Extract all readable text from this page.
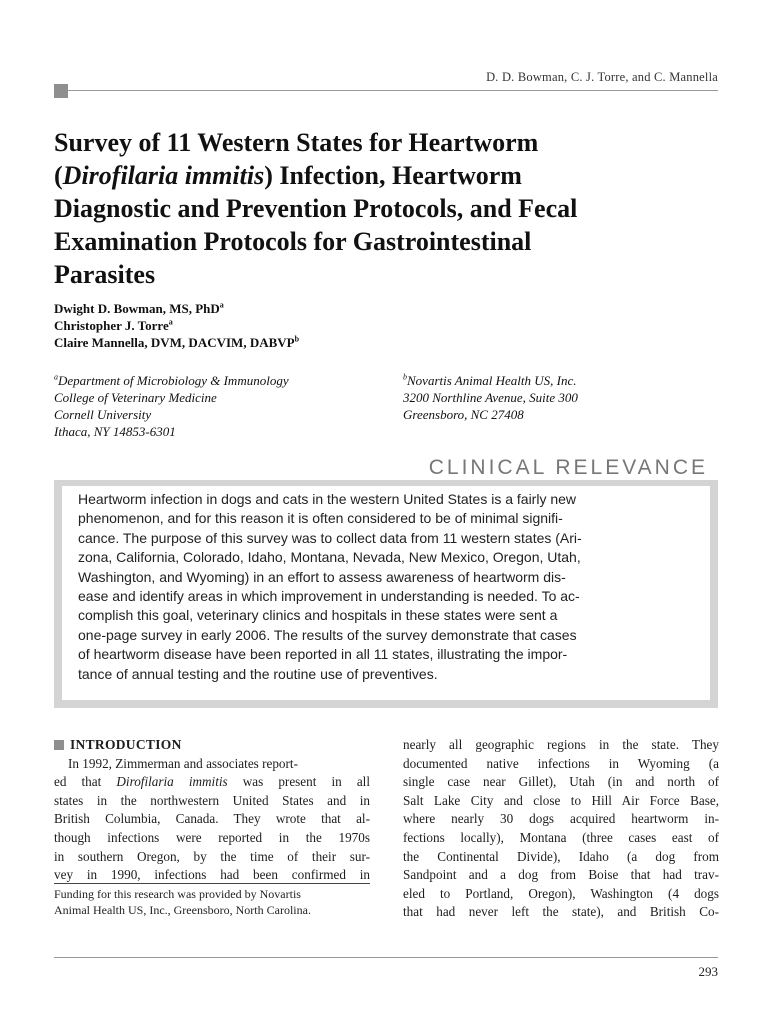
D. D. Bowman, C. J. Torre, and C. Mannella
Survey of 11 Western States for Heartworm
(Dirofilaria immitis) Infection, Heartworm
Diagnostic and Prevention Protocols, and Fecal
Examination Protocols for Gastrointestinal
Parasites
Dwight D. Bowman, MS, PhD$^a$
Christopher J. Torre$^a$
Claire Mannella, DVM, DACVIM, DABVP$^b$
$^a$Department of Microbiology & Immunology
College of Veterinary Medicine
Cornell University
Ithaca, NY 14853-6301
$^b$Novartis Animal Health US, Inc.
3200 Northline Avenue, Suite 300
Greensboro, NC 27408
CLINICAL RELEVANCE
Heartworm infection in dogs and cats in the western United States is a fairly new
phenomenon, and for this reason it is often considered to be of minimal signifi-
cance. The purpose of this survey was to collect data from 11 western states (Ari-
zona, California, Colorado, Idaho, Montana, Nevada, New Mexico, Oregon, Utah,
Washington, and Wyoming) in an effort to assess awareness of heartworm dis-
ease and identify areas in which improvement in understanding is needed. To ac-
complish this goal, veterinary clinics and hospitals in these states were sent a
one-page survey in early 2006. The results of the survey demonstrate that cases
of heartworm disease have been reported in all 11 states, illustrating the impor-
tance of annual testing and the routine use of preventives.
INTRODUCTION
In 1992, Zimmerman and associates report-
ed that Dirofilaria immitis was present in all
states in the northwestern United States and in
British Columbia, Canada. They wrote that al-
though infections were reported in the 1970s
in southern Oregon, by the time of their sur-
vey in 1990, infections had been confirmed in
nearly all geographic regions in the state. They
documented native infections in Wyoming (a
single case near Gillet), Utah (in and north of
Salt Lake City and close to Hill Air Force Base,
where nearly 30 dogs acquired heartworm in-
fections locally), Montana (three cases east of
the Continental Divide), Idaho (a dog from
Sandpoint and a dog from Boise that had trav-
eled to Portland, Oregon), Washington (4 dogs
that had never left the state), and British Co-
Funding for this research was provided by Novartis
Animal Health US, Inc., Greensboro, North Carolina.
293
